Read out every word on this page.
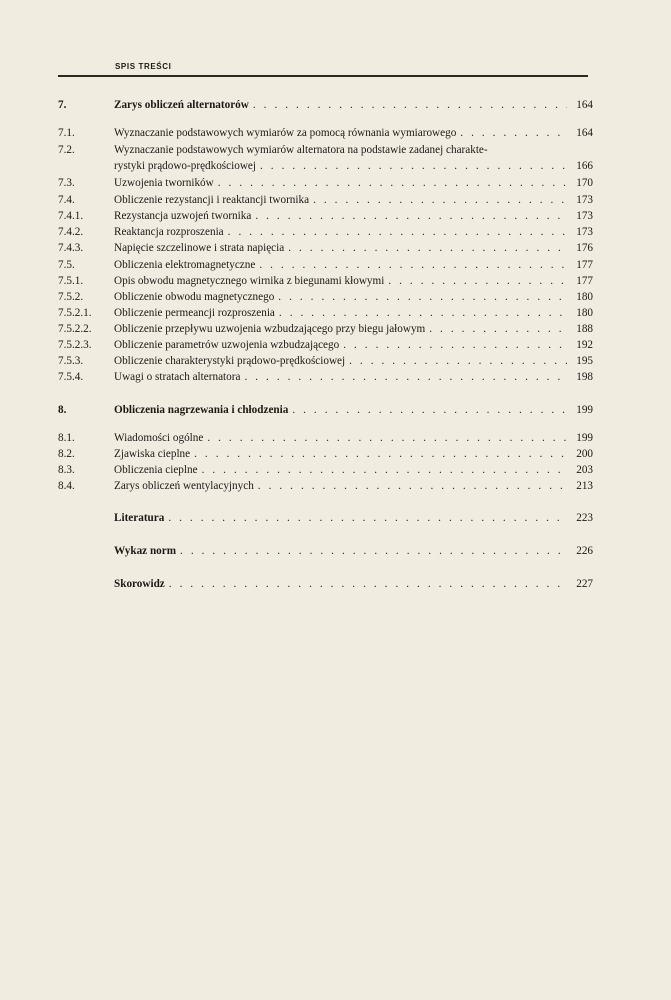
SPIS TREŚCI
7.	Zarys obliczeń alternatorów . . .	164
7.1.	Wyznaczanie podstawowych wymiarów za pomocą równania wymiarowego . . .	164
7.2.	Wyznaczanie podstawowych wymiarów alternatora na podstawie zadanej charakte-
rystyki prądowo-prędkościowej . . .	166
7.3.	Uzwojenia tworników . . .	170
7.4.	Obliczenie rezystancji i reaktancji twornika . . .	173
7.4.1.	Rezystancja uzwojeń twornika . . .	173
7.4.2.	Reaktancja rozproszenia . . .	173
7.4.3.	Napięcie szczelinowe i strata napięcia . . .	176
7.5.	Obliczenia elektromagnetyczne . . .	177
7.5.1.	Opis obwodu magnetycznego wirnika z biegunami kłowymi . . .	177
7.5.2.	Obliczenie obwodu magnetycznego . . .	180
7.5.2.1.	Obliczenie permeancji rozproszenia . . .	180
7.5.2.2.	Obliczenie przepływu uzwojenia wzbudzającego przy biegu jałowym . . .	188
7.5.2.3.	Obliczenie parametrów uzwojenia wzbudzającego . . .	192
7.5.3.	Obliczenie charakterystyki prądowo-prędkościowej . . .	195
7.5.4.	Uwagi o stratach alternatora . . .	198
8.	Obliczenia nagrzewania i chłodzenia . . .	199
8.1.	Wiadomości ogólne . . .	199
8.2.	Zjawiska cieplne . . .	200
8.3.	Obliczenia cieplne . . .	203
8.4.	Zarys obliczeń wentylacyjnych . . .	213
Literatura . . .	223
Wykaz norm . . .	226
Skorowidz . . .	227
